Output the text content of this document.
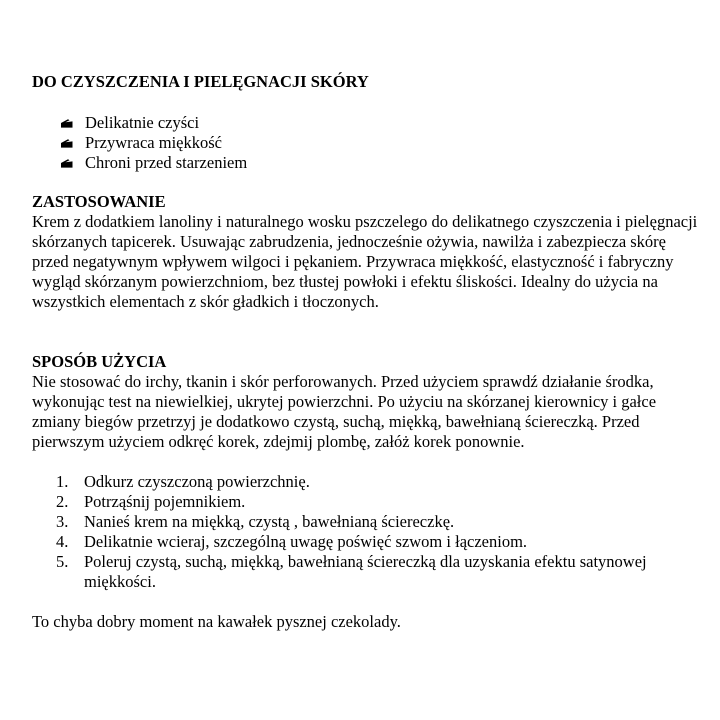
DO CZYSZCZENIA I PIELĘGNACJI SKÓRY
Delikatnie czyści
Przywraca miękkość
Chroni przed starzeniem
ZASTOSOWANIE

Krem z dodatkiem lanoliny i naturalnego wosku pszczelego do delikatnego czyszczenia i pielęgnacji skórzanych tapicerek. Usuwając zabrudzenia, jednocześnie ożywia, nawilża i zabezpiecza skórę przed negatywnym wpływem wilgoci i pękaniem. Przywraca miękkość, elastyczność i fabryczny wygląd skórzanym powierzchniom, bez tłustej powłoki i efektu śliskości. Idealny do użycia na wszystkich elementach z skór gładkich i tłoczonych.

SPOSÓB UŻYCIA

Nie stosować do irchy, tkanin i skór perforowanych. Przed użyciem sprawdź działanie środka, wykonując test na niewielkiej, ukrytej powierzchni. Po użyciu na skórzanej kierownicy i gałce zmiany biegów przetrzyj je dodatkowo czystą, suchą, miękką, bawełnianą ściereczką. Przed pierwszym użyciem odkręć korek, zdejmij plombę, załóż korek ponownie.

1. Odkurz czyszczoną powierzchnię.
2. Potrząśnij pojemnikiem.
3. Nanieś krem na miękką, czystą , bawełnianą ściereczkę.
4. Delikatnie wcieraj, szczególną uwagę poświęć szwom i łączeniom.
5. Poleruj czystą, suchą, miękką, bawełnianą ściereczką dla uzyskania efektu satynowej miękkości.

To chyba dobry moment na kawałek pysznej czekolady.
